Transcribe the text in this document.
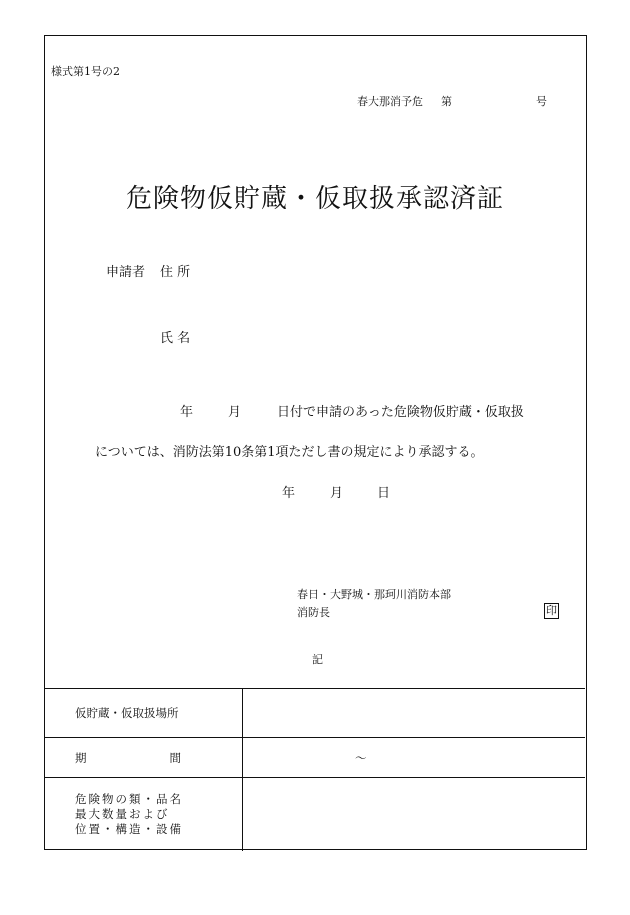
様式第1号の2
春大那消予危 第	号
危険物仮貯蔵・仮取扱承認済証
申請者 住 所
氏 名
年	月	日付で申請のあった危険物仮貯蔵・仮取扱
については、消防法第10条第1項ただし書の規定により承認する。
年	月	日
春日・大野城・那珂川消防本部
消防長	印
記
仮貯蔵・仮取扱場所	

期 間	～

危険物の類・品名
最大数量および
位置・構造・設備	
